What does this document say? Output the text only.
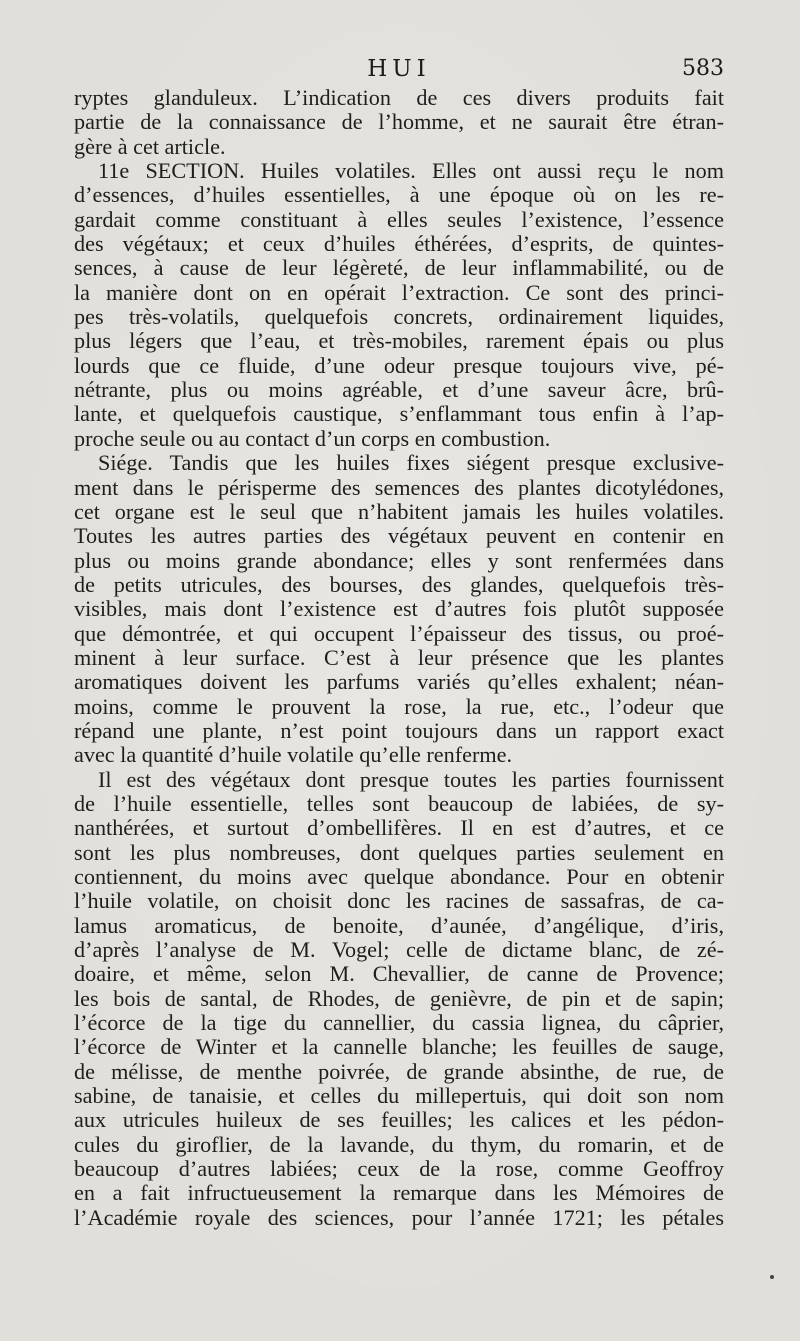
HUI	583
ryptes glanduleux. L’indication de ces divers produits fait
partie de la connaissance de l’homme, et ne saurait être étran-
gère à cet article.
11e SECTION. Huiles volatiles. Elles ont aussi reçu le nom
d’essences, d’huiles essentielles, à une époque où on les re-
gardait comme constituant à elles seules l’existence, l’essence
des végétaux; et ceux d’huiles éthérées, d’esprits, de quintes-
sences, à cause de leur légèreté, de leur inflammabilité, ou de
la manière dont on en opérait l’extraction. Ce sont des princi-
pes très-volatils, quelquefois concrets, ordinairement liquides,
plus légers que l’eau, et très-mobiles, rarement épais ou plus
lourds que ce fluide, d’une odeur presque toujours vive, pé-
nétrante, plus ou moins agréable, et d’une saveur âcre, brû-
lante, et quelquefois caustique, s’enflammant tous enfin à l’ap-
proche seule ou au contact d’un corps en combustion.
Siége. Tandis que les huiles fixes siégent presque exclusive-
ment dans le périsperme des semences des plantes dicotylédones,
cet organe est le seul que n’habitent jamais les huiles volatiles.
Toutes les autres parties des végétaux peuvent en contenir en
plus ou moins grande abondance; elles y sont renfermées dans
de petits utricules, des bourses, des glandes, quelquefois très-
visibles, mais dont l’existence est d’autres fois plutôt supposée
que démontrée, et qui occupent l’épaisseur des tissus, ou proé-
minent à leur surface. C’est à leur présence que les plantes
aromatiques doivent les parfums variés qu’elles exhalent; néan-
moins, comme le prouvent la rose, la rue, etc., l’odeur que
répand une plante, n’est point toujours dans un rapport exact
avec la quantité d’huile volatile qu’elle renferme.
Il est des végétaux dont presque toutes les parties fournissent
de l’huile essentielle, telles sont beaucoup de labiées, de sy-
nanthérées, et surtout d’ombellifères. Il en est d’autres, et ce
sont les plus nombreuses, dont quelques parties seulement en
contiennent, du moins avec quelque abondance. Pour en obtenir
l’huile volatile, on choisit donc les racines de sassafras, de ca-
lamus aromaticus, de benoite, d’aunée, d’angélique, d’iris,
d’après l’analyse de M. Vogel; celle de dictame blanc, de zé-
doaire, et même, selon M. Chevallier, de canne de Provence;
les bois de santal, de Rhodes, de genièvre, de pin et de sapin;
l’écorce de la tige du cannellier, du cassia lignea, du câprier,
l’écorce de Winter et la cannelle blanche; les feuilles de sauge,
de mélisse, de menthe poivrée, de grande absinthe, de rue, de
sabine, de tanaisie, et celles du millepertuis, qui doit son nom
aux utricules huileux de ses feuilles; les calices et les pédon-
cules du giroflier, de la lavande, du thym, du romarin, et de
beaucoup d’autres labiées; ceux de la rose, comme Geoffroy
en a fait infructueusement la remarque dans les Mémoires de
l’Académie royale des sciences, pour l’année 1721; les pétales
